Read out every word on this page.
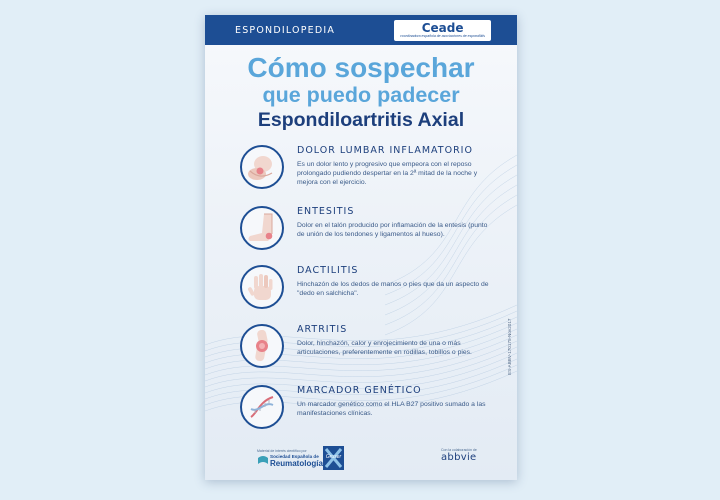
ESPONDILOPEDIA	Ceade
coordinadora española de asociaciones de espondilitis
Cómo sospechar
que puedo padecer
Espondiloartritis Axial
DOLOR LUMBAR INFLAMATORIO
Es un dolor lento y progresivo que empeora con el reposo prolongado pudiendo despertar en la 2ª mitad de la noche y mejora con el ejercicio.
ENTESITIS
Dolor en el talón producido por inflamación de la entesis (punto de unión de los tendones y ligamentos al hueso).
DACTILITIS
Hinchazón de los dedos de manos o pies que da un aspecto de "dedo en salchicha".
ARTRITIS
Dolor, hinchazón, calor y enrojecimiento de una o más articulaciones, preferentemente en rodillas, tobillos o pies.
MARCADOR GENÉTICO
Un marcador genético como el HLA B27 positivo sumado a las manifestaciones clínicas.
ES-ABBV-170175-Nov2017
Material de interés científico por
Sociedad Española de
Reumatología
Gruser
Con la colaboración de
abbvie
